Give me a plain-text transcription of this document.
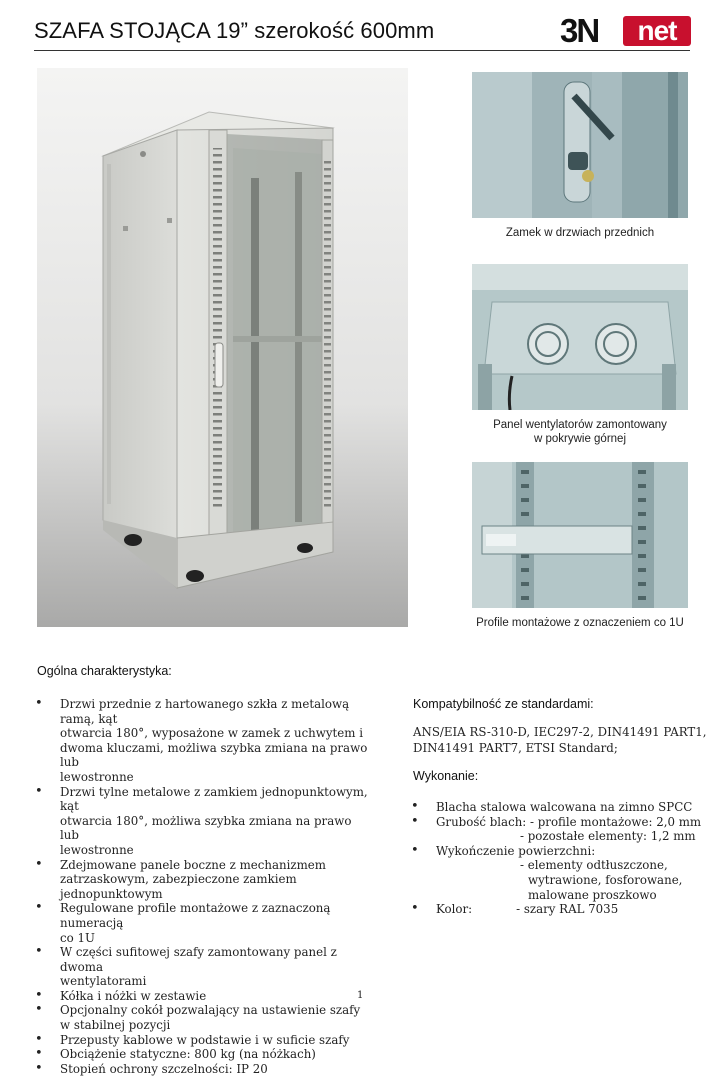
SZAFA STOJĄCA 19” szerokość 600mm	3N	net
Zamek w drzwiach przednich
Panel wentylatorów zamontowany
w pokrywie górnej
Profile montażowe z oznaczeniem co 1U
Ogólna charakterystyka:
• Drzwi przednie z hartowanego szkła z metalową ramą, kąt
otwarcia 180°, wyposażone w zamek z uchwytem i
dwoma kluczami, możliwa szybka zmiana na prawo lub
lewostronne
• Drzwi tylne metalowe z zamkiem jednopunktowym, kąt
otwarcia 180°, możliwa szybka zmiana na prawo lub
lewostronne
• Zdejmowane panele boczne z mechanizmem
zatrzaskowym, zabezpieczone zamkiem jednopunktowym
• Regulowane profile montażowe z zaznaczoną numeracją
co 1U
• W części sufitowej szafy zamontowany panel z dwoma
wentylatorami
• Kółka i nóżki w zestawie
• Opcjonalny cokół pozwalający na ustawienie szafy
w stabilnej pozycji
• Przepusty kablowe w podstawie i w suficie szafy
• Obciążenie statyczne: 800 kg (na nóżkach)
• Stopień ochrony szczelności: IP 20
Kompatybilność ze standardami:
ANS/EIA RS-310-D, IEC297-2, DIN41491 PART1,
DIN41491 PART7, ETSI Standard;
Wykonanie:
• Blacha stalowa walcowana na zimno SPCC
• Grubość blach: - profile montażowe: 2,0 mm
- pozostałe elementy: 1,2 mm
• Wykończenie powierzchni:
- elementy odtłuszczone,
wytrawione, fosforowane,
malowane proszkowo
• Kolor:	- szary RAL 7035
1
